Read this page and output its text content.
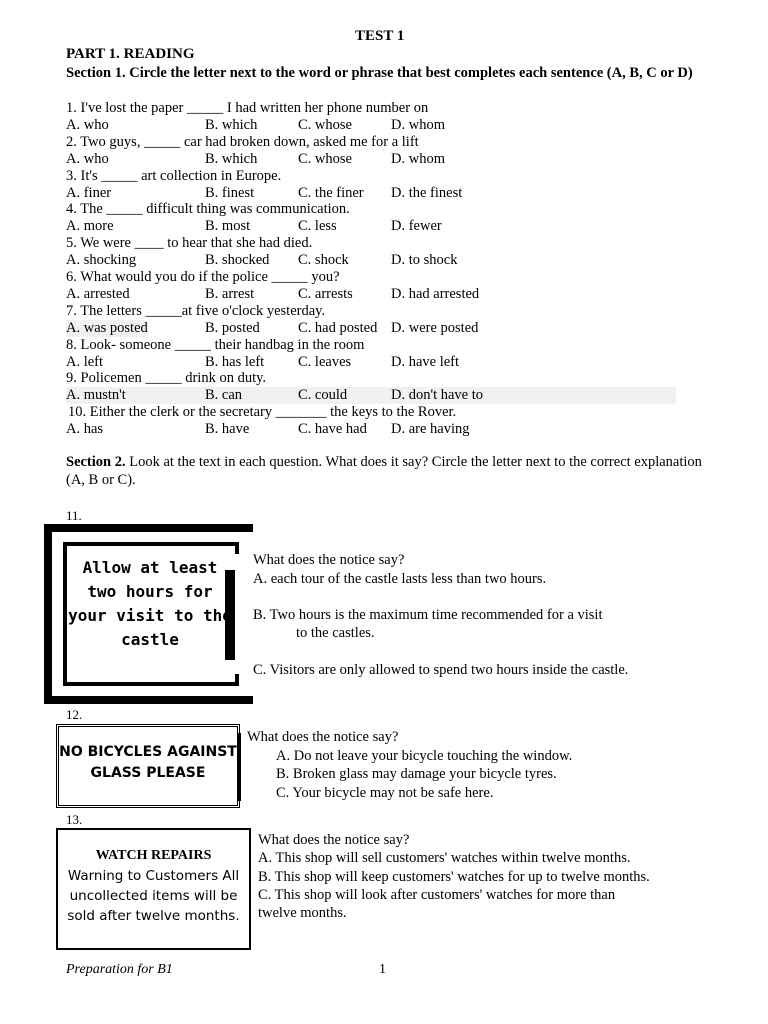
TEST 1
PART 1. READING
Section 1. Circle the letter next to the word or phrase that best completes each sentence (A, B, C or D)
1. I've lost the paper _____ I had written her phone number on
A. who	B. which	C. whose	D. whom
2. Two guys, _____ car had broken down, asked me for a lift
A. who	B. which	C. whose	D. whom
3. It's _____ art collection in Europe.
A. finer	B. finest	C. the finer D. the finest
4. The _____ difficult thing was communication.
A. more	B. most	C. less	D. fewer
5. We were ____ to hear that she had died.
A. shocking	B. shocked C. shock	D. to shock
6. What would you do if the police _____ you?
A. arrested	B. arrest	C. arrests	D. had arrested
7. The letters _____at five o'clock yesterday.
A. was posted	B. posted	C. had posted D. were posted
8. Look- someone _____ their handbag in the room
A. left	B. has left C. leaves	D. have left
9. Policemen _____ drink on duty.
A. mustn't	B. can	C. could	D. don't have to
10. Either the clerk or the secretary _______ the keys to the Rover.
A. has	B. have	C. have had D. are having
Section 2. Look at the text in each question. What does it say? Circle the letter next to the correct explanation (A, B or C).
11.
Allow at least two hours for your visit to the castle
What does the notice say?
A. each tour of the castle lasts less than two hours.
B. Two hours is the maximum time recommended for a visit
to the castles.
C. Visitors are only allowed to spend two hours inside the castle.
12.
NO BICYCLES AGAINST GLASS PLEASE
What does the notice say?
A. Do not leave your bicycle touching the window.
B. Broken glass may damage your bicycle tyres.
C. Your bicycle may not be safe here.
13.
WATCH REPAIRS
Warning to Customers All uncollected items will be sold after twelve months.
What does the notice say?
A. This shop will sell customers' watches within twelve months.
B. This shop will keep customers' watches for up to twelve months.
C. This shop will look after customers' watches for more than
twelve months.
Preparation for B1	1
